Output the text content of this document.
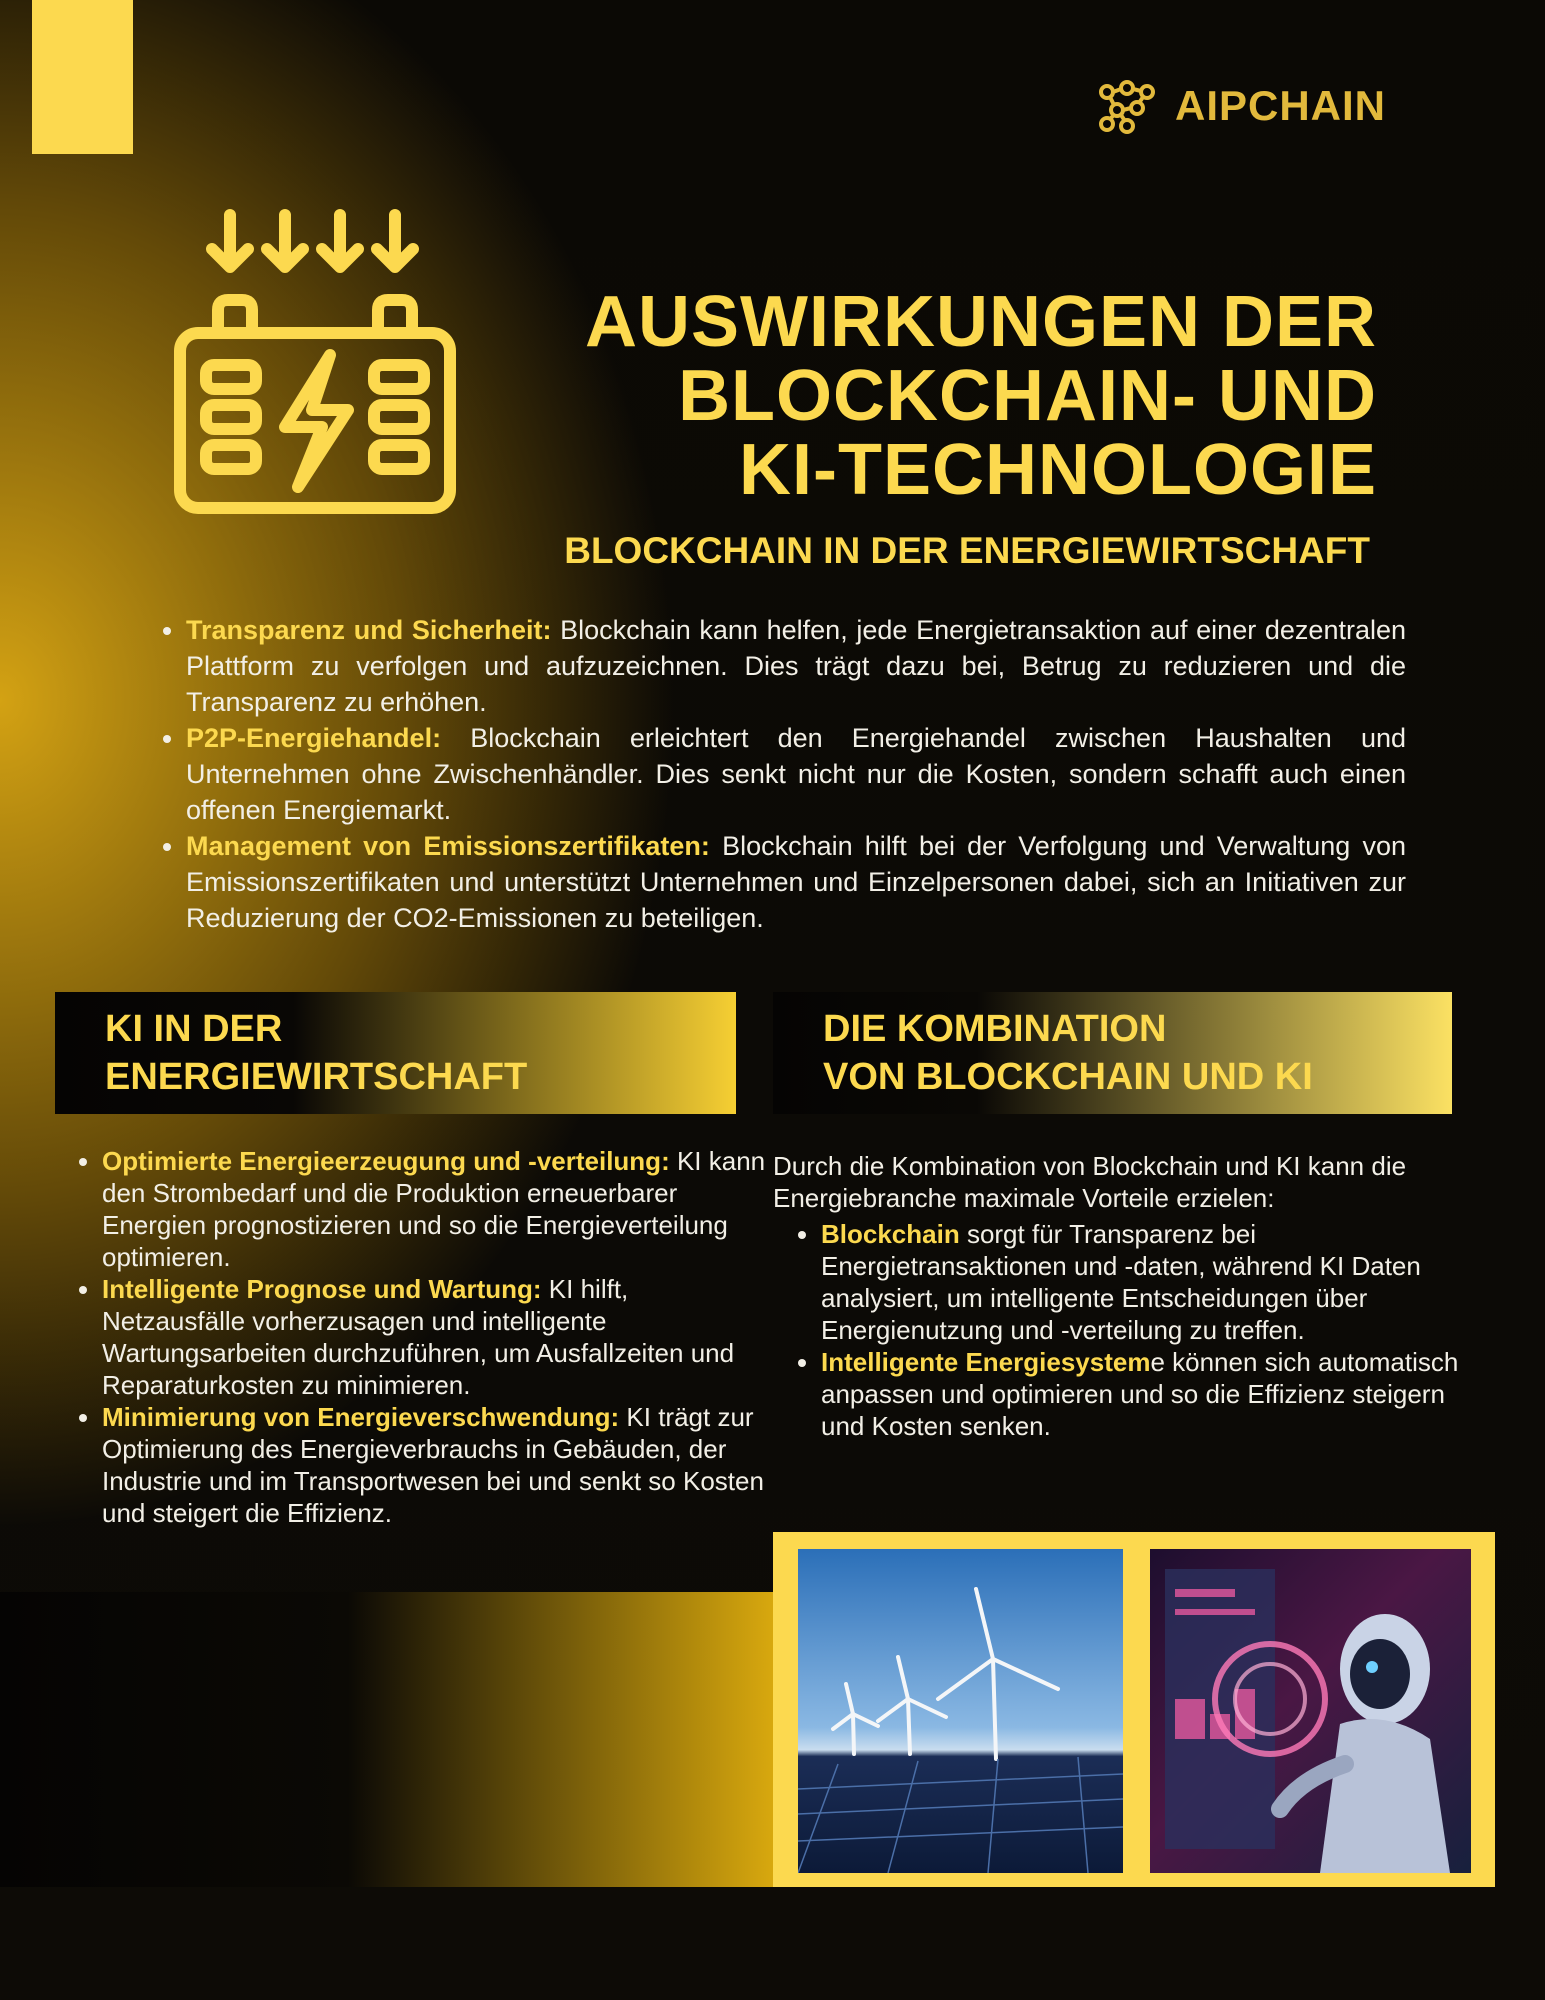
AIPCHAIN
AUSWIRKUNGEN DER
BLOCKCHAIN- UND
KI-TECHNOLOGIE
BLOCKCHAIN IN DER ENERGIEWIRTSCHAFT
• Transparenz und Sicherheit: Blockchain kann helfen, jede Energietransaktion auf einer dezentralen Plattform zu verfolgen und aufzuzeichnen. Dies trägt dazu bei, Betrug zu reduzieren und die Transparenz zu erhöhen.
• P2P-Energiehandel: Blockchain erleichtert den Energiehandel zwischen Haushalten und Unternehmen ohne Zwischenhändler. Dies senkt nicht nur die Kosten, sondern schafft auch einen offenen Energiemarkt.
• Management von Emissionszertifikaten: Blockchain hilft bei der Verfolgung und Verwaltung von Emissionszertifikaten und unterstützt Unternehmen und Einzelpersonen dabei, sich an Initiativen zur Reduzierung der CO2-Emissionen zu beteiligen.
KI IN DER
ENERGIEWIRTSCHAFT
DIE KOMBINATION
VON BLOCKCHAIN UND KI
• Optimierte Energieerzeugung und -verteilung: KI kann den Strombedarf und die Produktion erneuerbarer Energien prognostizieren und so die Energieverteilung optimieren.
• Intelligente Prognose und Wartung: KI hilft, Netzausfälle vorherzusagen und intelligente Wartungsarbeiten durchzuführen, um Ausfallzeiten und Reparaturkosten zu minimieren.
• Minimierung von Energieverschwendung: KI trägt zur Optimierung des Energieverbrauchs in Gebäuden, der Industrie und im Transportwesen bei und senkt so Kosten und steigert die Effizienz.

Durch die Kombination von Blockchain und KI kann die Energiebranche maximale Vorteile erzielen:

• Blockchain sorgt für Transparenz bei Energietransaktionen und -daten, während KI Daten analysiert, um intelligente Entscheidungen über Energienutzung und -verteilung zu treffen.
• Intelligente Energiesysteme können sich automatisch anpassen und optimieren und so die Effizienz steigern und Kosten senken.
